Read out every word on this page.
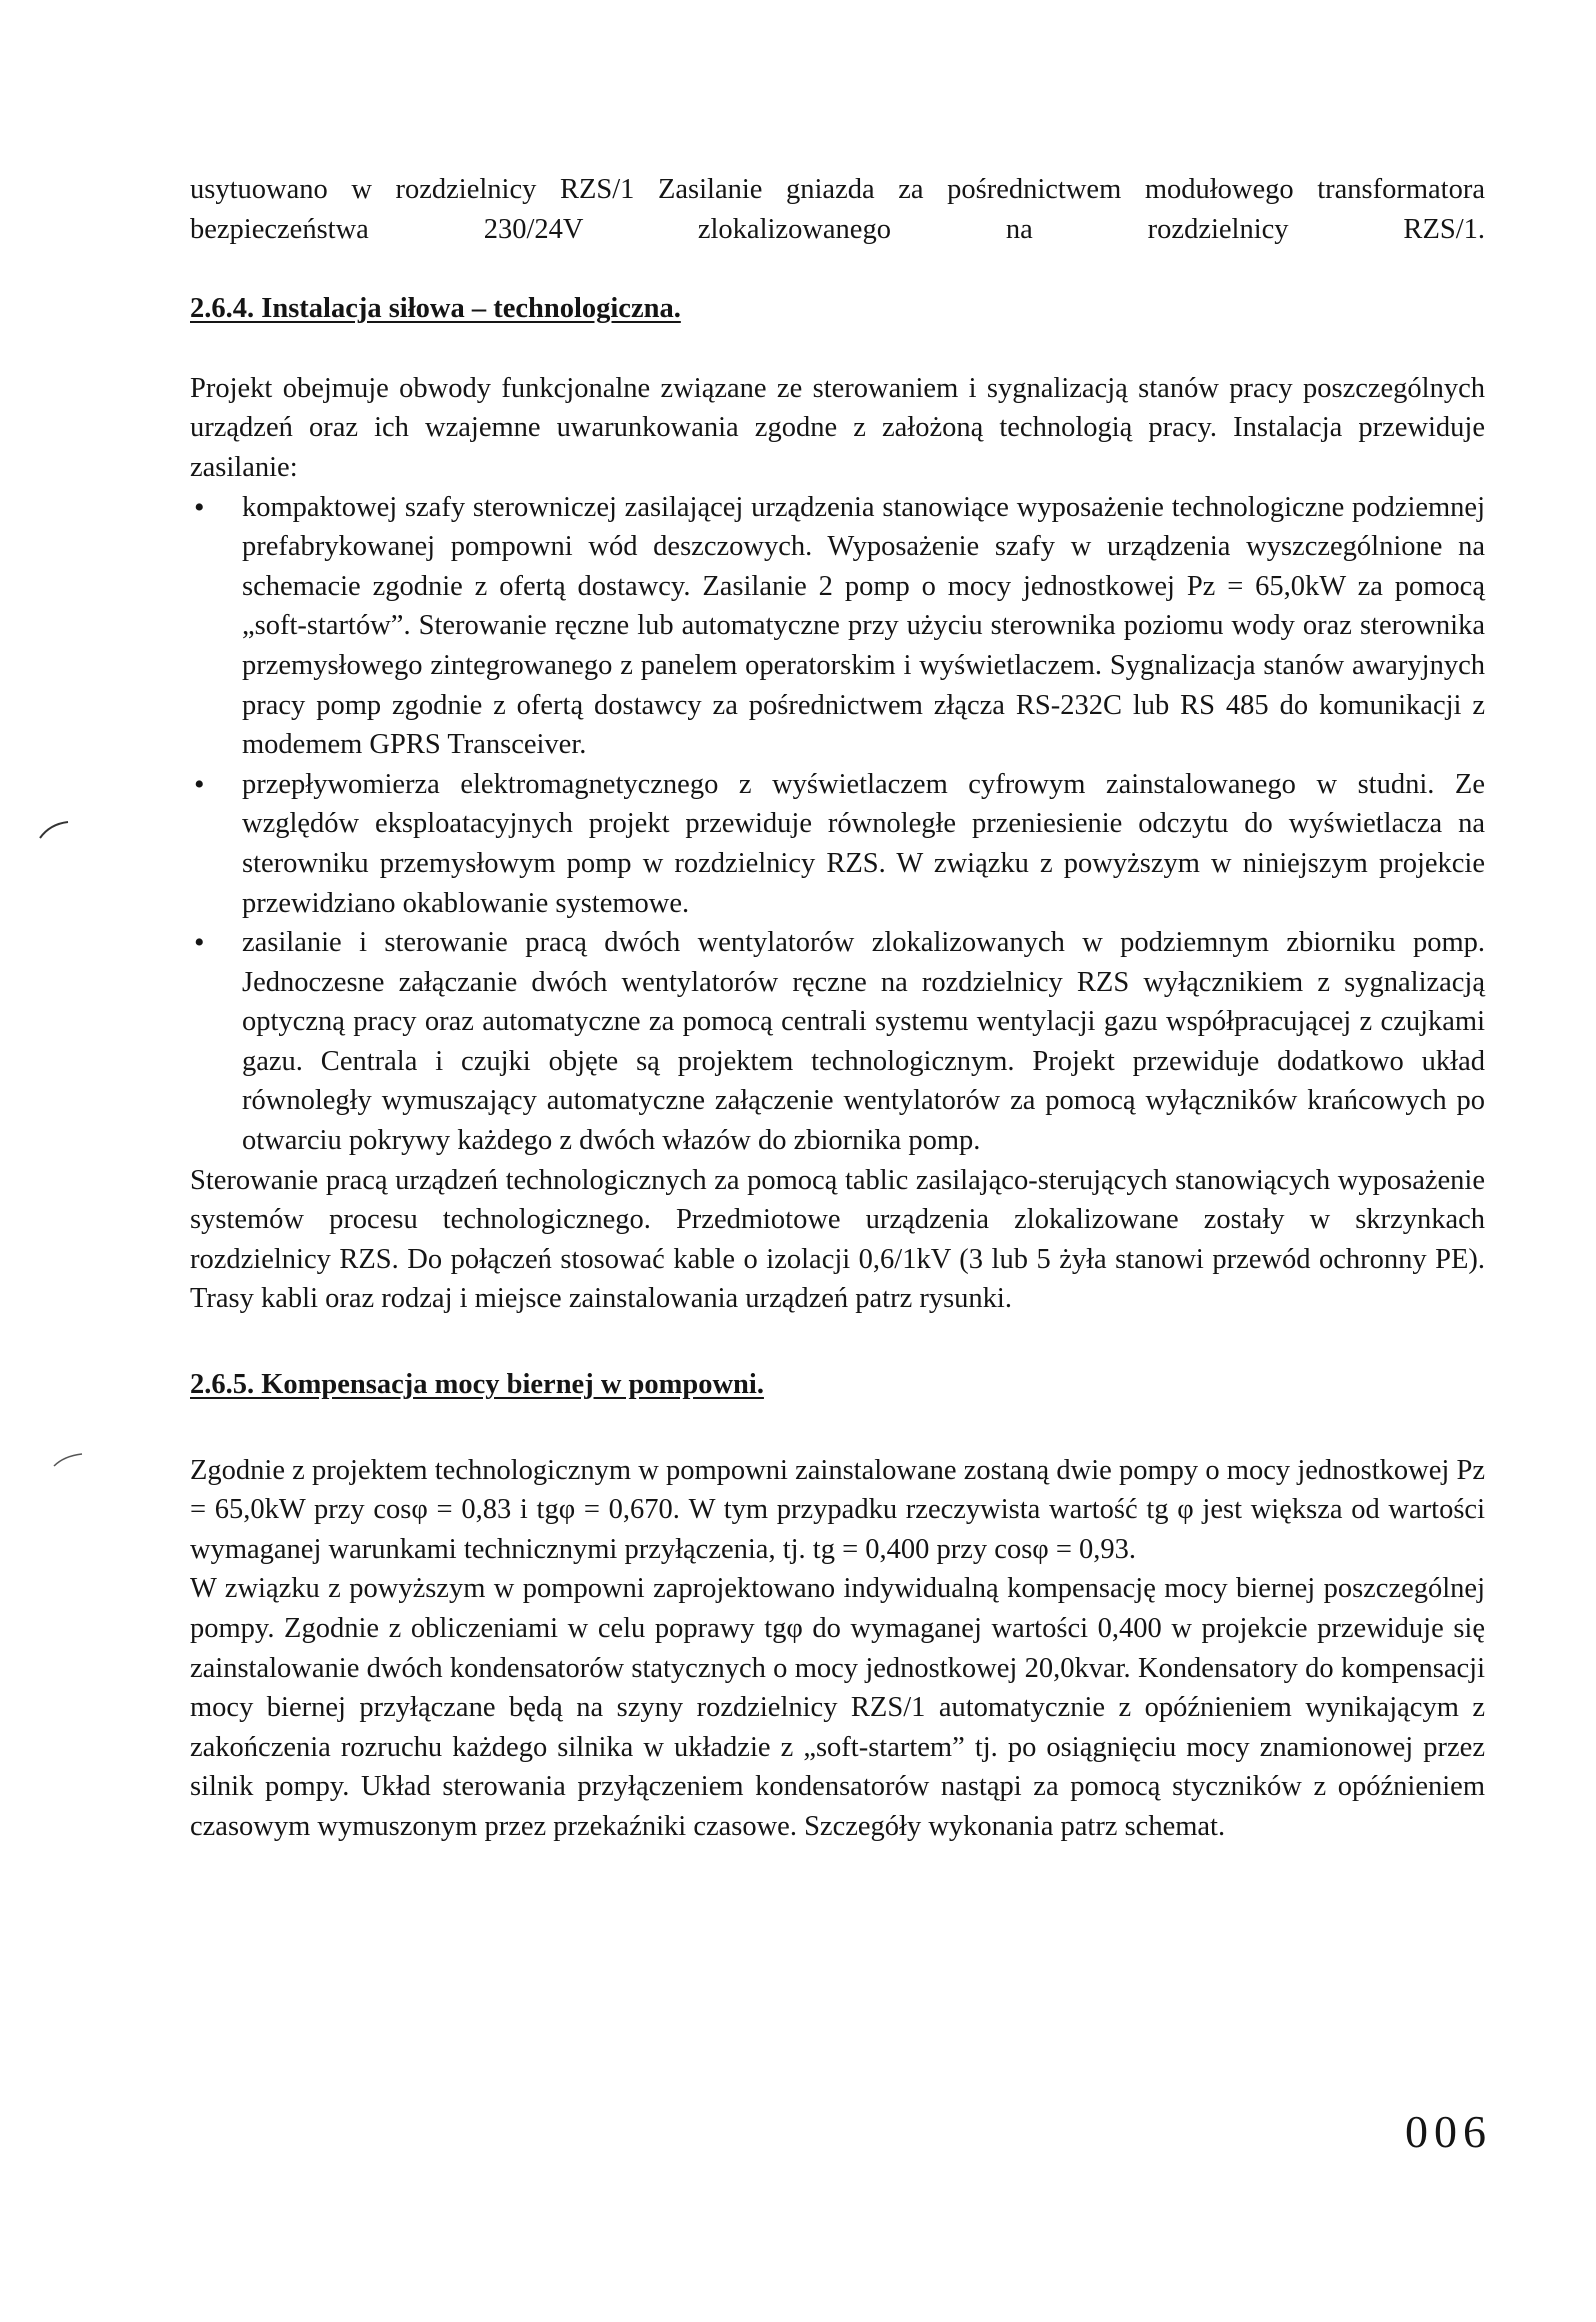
usytuowano w rozdzielnicy RZS/1 Zasilanie gniazda za pośrednictwem modułowego transformatora bezpieczeństwa 230/24V zlokalizowanego na rozdzielnicy RZS/1.

2.6.4. Instalacja siłowa – technologiczna.

Projekt obejmuje obwody funkcjonalne związane ze sterowaniem i sygnalizacją stanów pracy poszczególnych urządzeń oraz ich wzajemne uwarunkowania zgodne z założoną technologią pracy. Instalacja przewiduje zasilanie:

• kompaktowej szafy sterowniczej zasilającej urządzenia stanowiące wyposażenie technologiczne podziemnej prefabrykowanej pompowni wód deszczowych. Wyposażenie szafy w urządzenia wyszczególnione na schemacie zgodnie z ofertą dostawcy. Zasilanie 2 pomp o mocy jednostkowej Pz = 65,0kW za pomocą „soft-startów”. Sterowanie ręczne lub automatyczne przy użyciu sterownika poziomu wody oraz sterownika przemysłowego zintegrowanego z panelem operatorskim i wyświetlaczem. Sygnalizacja stanów awaryjnych pracy pomp zgodnie z ofertą dostawcy za pośrednictwem złącza RS-232C lub RS 485 do komunikacji z modemem GPRS Transceiver.
• przepływomierza elektromagnetycznego z wyświetlaczem cyfrowym zainstalowanego w studni. Ze względów eksploatacyjnych projekt przewiduje równoległe przeniesienie odczytu do wyświetlacza na sterowniku przemysłowym pomp w rozdzielnicy RZS. W związku z powyższym w niniejszym projekcie przewidziano okablowanie systemowe.
• zasilanie i sterowanie pracą dwóch wentylatorów zlokalizowanych w podziemnym zbiorniku pomp. Jednoczesne załączanie dwóch wentylatorów ręczne na rozdzielnicy RZS wyłącznikiem z sygnalizacją optyczną pracy oraz automatyczne za pomocą centrali systemu wentylacji gazu współpracującej z czujkami gazu. Centrala i czujki objęte są projektem technologicznym. Projekt przewiduje dodatkowo układ równoległy wymuszający automatyczne załączenie wentylatorów za pomocą wyłączników krańcowych po otwarciu pokrywy każdego z dwóch włazów do zbiornika pomp.

Sterowanie pracą urządzeń technologicznych za pomocą tablic zasilająco-sterujących stanowiących wyposażenie systemów procesu technologicznego. Przedmiotowe urządzenia zlokalizowane zostały w skrzynkach rozdzielnicy RZS. Do połączeń stosować kable o izolacji 0,6/1kV (3 lub 5 żyła stanowi przewód ochronny PE). Trasy kabli oraz rodzaj i miejsce zainstalowania urządzeń patrz rysunki.

2.6.5. Kompensacja mocy biernej w pompowni.

Zgodnie z projektem technologicznym w pompowni zainstalowane zostaną dwie pompy o mocy jednostkowej Pz = 65,0kW przy cosφ = 0,83 i tgφ = 0,670. W tym przypadku rzeczywista wartość tg φ jest większa od wartości wymaganej warunkami technicznymi przyłączenia, tj. tg = 0,400 przy cosφ = 0,93.

W związku z powyższym w pompowni zaprojektowano indywidualną kompensację mocy biernej poszczególnej pompy. Zgodnie z obliczeniami w celu poprawy tgφ do wymaganej wartości 0,400 w projekcie przewiduje się zainstalowanie dwóch kondensatorów statycznych o mocy jednostkowej 20,0kvar. Kondensatory do kompensacji mocy biernej przyłączane będą na szyny rozdzielnicy RZS/1 automatycznie z opóźnieniem wynikającym z zakończenia rozruchu każdego silnika w układzie z „soft-startem” tj. po osiągnięciu mocy znamionowej przez silnik pompy. Układ sterowania przyłączeniem kondensatorów nastąpi za pomocą styczników z opóźnieniem czasowym wymuszonym przez przekaźniki czasowe. Szczegóły wykonania patrz schemat.

006
